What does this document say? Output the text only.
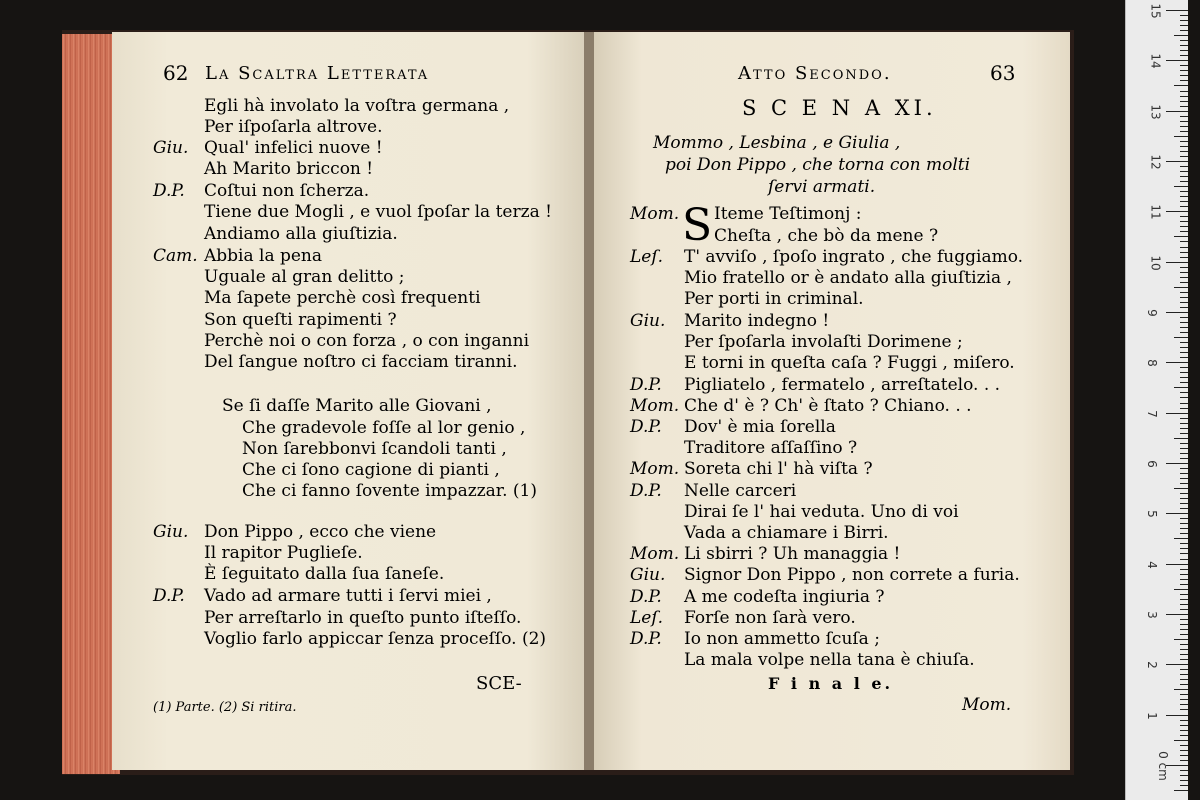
62 La Scaltra Letterata
Egli hà involato la voſtra germana ,
Per iſpoſarla altrove.
Giu. Qual' infelici nuove !
Ah Marito briccon !
D.P. Coſtui non ſcherza.
Tiene due Mogli , e vuol ſpoſar la terza !
Andiamo alla giuſtizia.
Cam. Abbia la pena
Uguale al gran delitto ;
Ma ſapete perchè così frequenti
Son queſti rapimenti ?
Perchè noi o con forza , o con inganni
Del ſangue noſtro ci facciam tiranni.
Se ſi daſſe Marito alle Giovani ,
Che gradevole foſſe al lor genio ,
Non ſarebbonvi ſcandoli tanti ,
Che ci ſono cagione di pianti ,
Che ci fanno ſovente impazzar. (1)
Giu. Don Pippo , ecco che viene
Il rapitor Puglieſe.
È ſeguitato dalla ſua ſaneſe.
D.P. Vado ad armare tutti i ſervi miei ,
Per arreſtarlo in queſto punto iſteſſo.
Voglio farlo appiccar ſenza proceſſo. (2)
SCE-
(1) Parte. (2) Si ritira.
Atto Secondo.	63
S C E N A XI.
Mommo , Lesbina , e Giulia ,
poi Don Pippo , che torna con molti
ſervi armati.
S
Mom. Iteme Teſtimonj :
Cheſta , che bò da mene ?
Leſ. T' avviſo , ſpoſo ingrato , che fuggiamo.
Mio fratello or è andato alla giuſtizia ,
Per porti in criminal.
Giu. Marito indegno !
Per ſpoſarla involaſti Dorimene ;
E torni in queſta caſa ? Fuggi , miſero.
D.P. Pigliatelo , fermatelo , arreſtatelo. . .
Mom. Che d' è ? Ch' è ſtato ? Chiano. . .
D.P. Dov' è mia ſorella
Traditore aſſaſſino ?
Mom. Soreta chi l' hà viſta ?
D.P. Nelle carceri
Dirai ſe l' hai veduta. Uno di voi
Vada a chiamare i Birri.
Mom. Li sbirri ? Uh managgia !
Giu. Signor Don Pippo , non correte a furia.
D.P. A me codeſta ingiuria ?
Leſ. Forſe non ſarà vero.
D.P. Io non ammetto ſcuſa ;
La mala volpe nella tana è chiuſa.
F i n a l e.
Mom.
15
14
13
12
11
10
9
8
7
6
5
4
3
2
1
0 cm
